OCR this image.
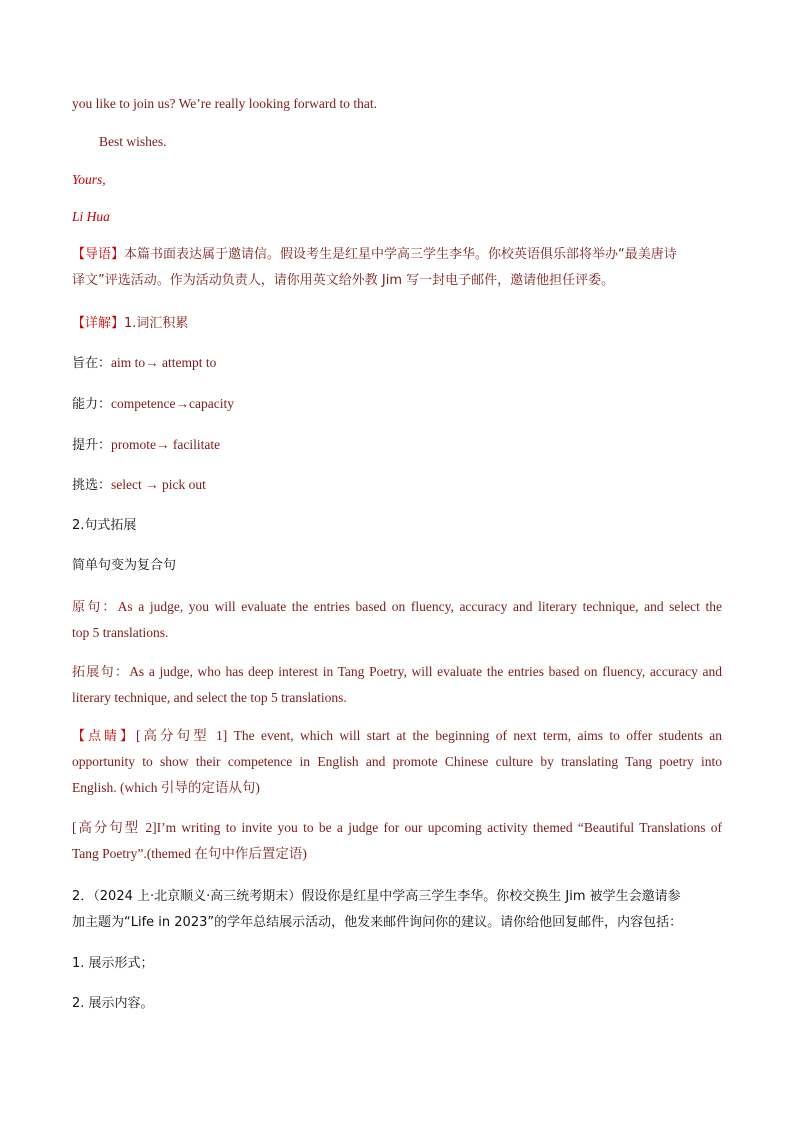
you like to join us? We’re really looking forward to that.
Best wishes.
Yours,
Li Hua
【导语】本篇书面表达属于邀请信。假设考生是红星中学高三学生李华。你校英语俱乐部将举办“最美唐诗
译文”评选活动。作为活动负责人，请你用英文给外教 Jim 写一封电子邮件，邀请他担任评委。
【详解】1.词汇积累
旨在：aim to→ attempt to
能力：competence→capacity
提升：promote→ facilitate
挑选：select → pick out
2.句式拓展
简单句变为复合句
原句：As a judge, you will evaluate the entries based on fluency, accuracy and literary technique, and select the
top 5 translations.
拓展句：As a judge, who has deep interest in Tang Poetry, will evaluate the entries based on fluency, accuracy and
literary technique, and select the top 5 translations.
【点睛】[高分句型 1] The event, which will start at the beginning of next term, aims to offer students an
opportunity to show their competence in English and promote Chinese culture by translating Tang poetry into
English. (which 引导的定语从句)
[高分句型 2]I’m writing to invite you to be a judge for our upcoming activity themed “Beautiful Translations of
Tang Poetry”.(themed 在句中作后置定语)
2．（2024 上·北京顺义·高三统考期末）假设你是红星中学高三学生李华。你校交换生 Jim 被学生会邀请参
加主题为“Life in 2023”的学年总结展示活动，他发来邮件询问你的建议。请你给他回复邮件，内容包括：
1. 展示形式；
2. 展示内容。
